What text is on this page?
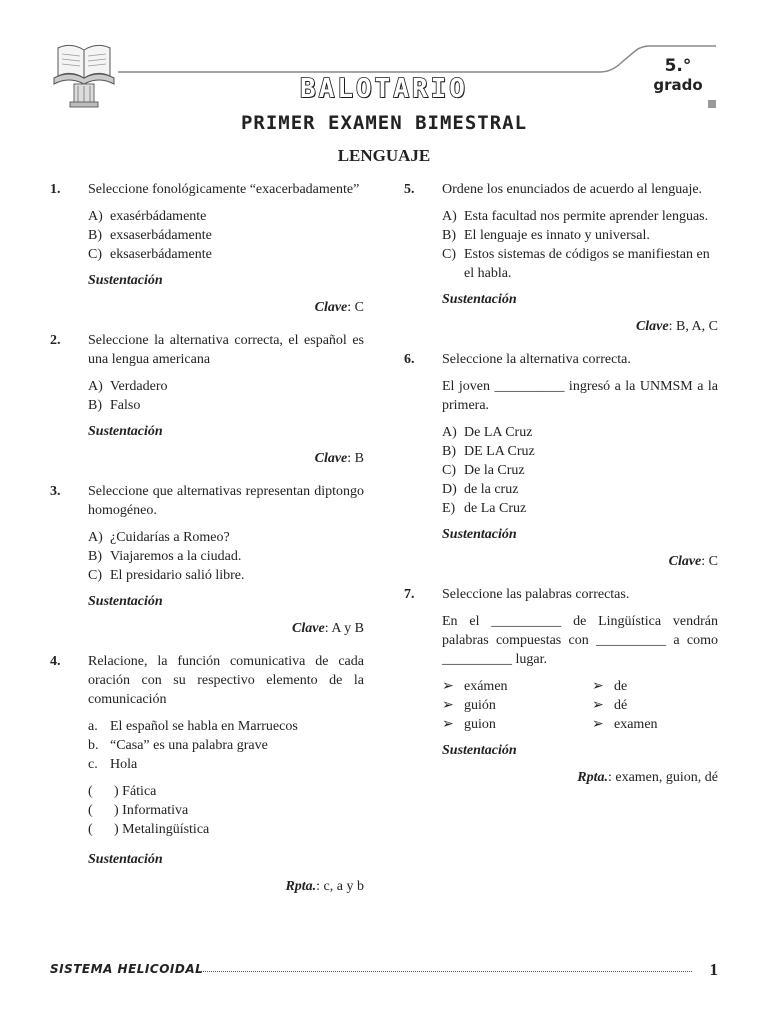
5.°
grado
BALOTARIO
PRIMER EXAMEN BIMESTRAL
LENGUAJE
1. Seleccione fonológicamente “exacerbadamente”
A) exasérbádamente
B) exsaserbádamente
C) eksaserbádamente
Sustentación
Clave: C
2. Seleccione la alternativa correcta, el español es una lengua americana
A) Verdadero
B) Falso
Sustentación
Clave: B
3. Seleccione que alternativas representan diptongo homogéneo.
A) ¿Cuidarías a Romeo?
B) Viajaremos a la ciudad.
C) El presidario salió libre.
Sustentación
Clave: A y B
4. Relacione, la función comunicativa de cada oración con su respectivo elemento de la comunicación
a. El español se habla en Marruecos
b. “Casa” es una palabra grave
c. Hola
(	) Fática
(	) Informativa
(	) Metalingüística
Sustentación
Rpta.: c, a y b
5. Ordene los enunciados de acuerdo al lenguaje.
A) Esta facultad nos permite aprender lenguas.
B) El lenguaje es innato y universal.
C) Estos sistemas de códigos se manifiestan en el habla.
Sustentación
Clave: B, A, C
6. Seleccione la alternativa correcta.
El joven __________ ingresó a la UNMSM a la primera.
A) De LA Cruz
B) DE LA Cruz
C) De la Cruz
D) de la cruz
E) de La Cruz
Sustentación
Clave: C
7. Seleccione las palabras correctas.
En el __________ de Lingüística vendrán palabras compuestas con __________ a como __________ lugar.
➢ exámen	➢ de
➢ guión	➢ dé
➢ guion	➢ examen
Sustentación
Rpta.: examen, guion, dé
SISTEMA HELICOIDAL	1
